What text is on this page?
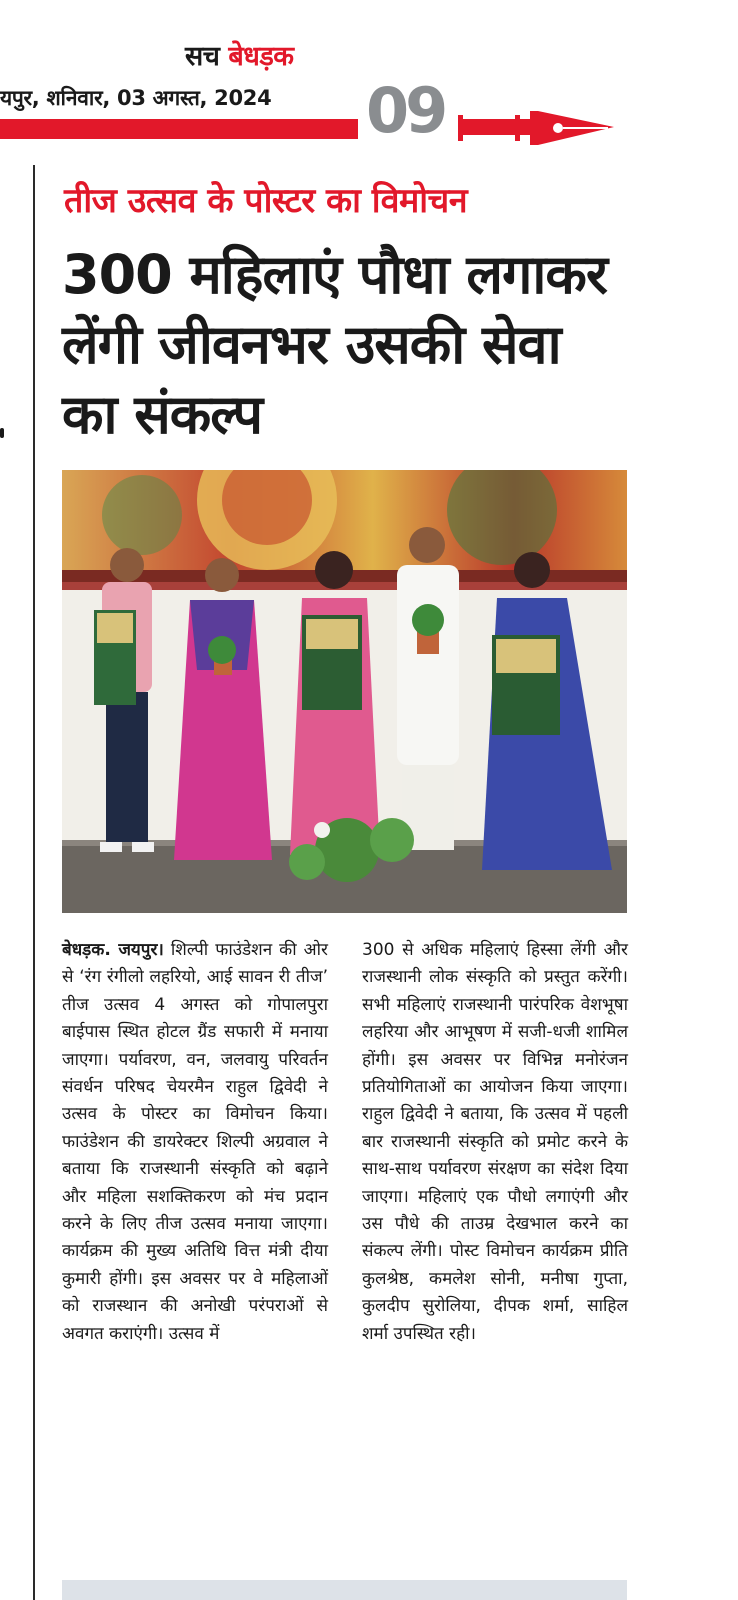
सच बेधड़क
यपुर, शनिवार, 03 अगस्त, 2024 09
तीज उत्सव के पोस्टर का विमोचन
300 महिलाएं पौधा लगाकर लेंगी जीवनभर उसकी सेवा का संकल्प

बेधड़क. जयपुर। शिल्पी फाउंडेशन की ओर से ‘रंग रंगीलो लहरियो, आई सावन री तीज’ तीज उत्सव 4 अगस्त को गोपालपुरा बाईपास स्थित होटल ग्रैंड सफारी में मनाया जाएगा। पर्यावरण, वन, जलवायु परिवर्तन संवर्धन परिषद चेयरमैन राहुल द्विवेदी ने उत्सव के पोस्टर का विमोचन किया। फाउंडेशन की डायरेक्टर शिल्पी अग्रवाल ने बताया कि राजस्थानी संस्कृति को बढ़ाने और महिला सशक्तिकरण को मंच प्रदान करने के लिए तीज उत्सव मनाया जाएगा। कार्यक्रम की मुख्य अतिथि वित्त मंत्री दीया कुमारी होंगी। इस अवसर पर वे महिलाओं को राजस्थान की अनोखी परंपराओं से अवगत कराएंगी। उत्सव में

300 से अधिक महिलाएं हिस्सा लेंगी और राजस्थानी लोक संस्कृति को प्रस्तुत करेंगी। सभी महिलाएं राजस्थानी पारंपरिक वेशभूषा लहरिया और आभूषण में सजी-धजी शामिल होंगी। इस अवसर पर विभिन्न मनोरंजन प्रतियोगिताओं का आयोजन किया जाएगा। राहुल द्विवेदी ने बताया, कि उत्सव में पहली बार राजस्थानी संस्कृति को प्रमोट करने के साथ-साथ पर्यावरण संरक्षण का संदेश दिया जाएगा। महिलाएं एक पौधो लगाएंगी और उस पौधे की ताउम्र देखभाल करने का संकल्प लेंगी। पोस्ट विमोचन कार्यक्रम प्रीति कुलश्रेष्ठ, कमलेश सोनी, मनीषा गुप्ता, कुलदीप सुरोलिया, दीपक शर्मा, साहिल शर्मा उपस्थित रही।
